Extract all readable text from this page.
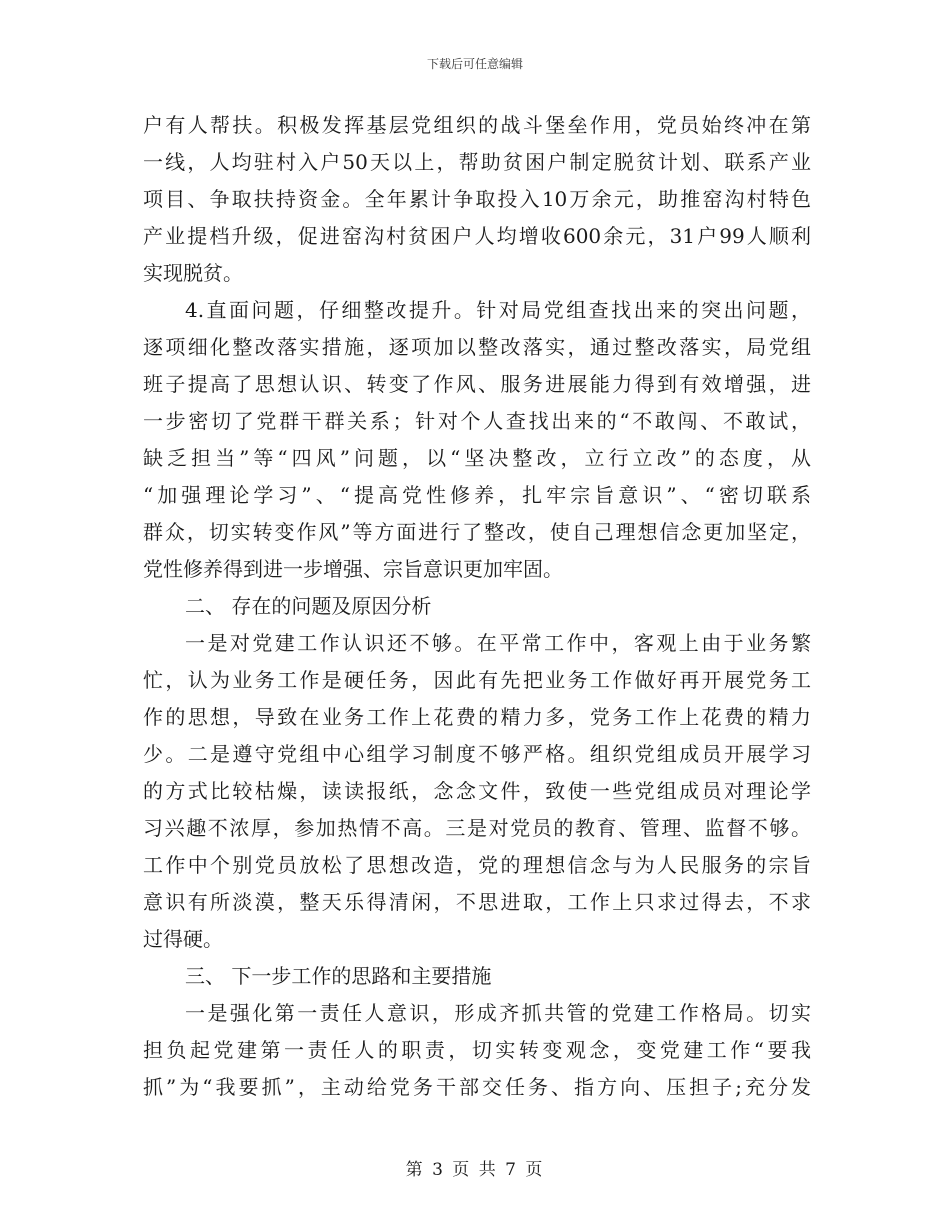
下载后可任意编辑
户有人帮扶。积极发挥基层党组织的战斗堡垒作用，党员始终冲在第
一线，人均驻村入户50天以上，帮助贫困户制定脱贫计划、联系产业
项目、争取扶持资金。全年累计争取投入10万余元，助推窑沟村特色
产业提档升级，促进窑沟村贫困户人均增收600余元，31户99人顺利
实现脱贫。
4.直面问题，仔细整改提升。针对局党组查找出来的突出问题，
逐项细化整改落实措施，逐项加以整改落实，通过整改落实，局党组
班子提高了思想认识、转变了作风、服务进展能力得到有效增强，进
一步密切了党群干群关系；针对个人查找出来的“不敢闯、不敢试，
缺乏担当”等“四风”问题，以“坚决整改，立行立改”的态度，从
“加强理论学习”、“提高党性修养，扎牢宗旨意识”、“密切联系
群众，切实转变作风”等方面进行了整改，使自己理想信念更加坚定，
党性修养得到进一步增强、宗旨意识更加牢固。
二、 存在的问题及原因分析
一是对党建工作认识还不够。在平常工作中，客观上由于业务繁
忙，认为业务工作是硬任务，因此有先把业务工作做好再开展党务工
作的思想，导致在业务工作上花费的精力多，党务工作上花费的精力
少。二是遵守党组中心组学习制度不够严格。组织党组成员开展学习
的方式比较枯燥，读读报纸，念念文件，致使一些党组成员对理论学
习兴趣不浓厚，参加热情不高。三是对党员的教育、管理、监督不够。
工作中个别党员放松了思想改造，党的理想信念与为人民服务的宗旨
意识有所淡漠，整天乐得清闲，不思进取，工作上只求过得去，不求
过得硬。
三、 下一步工作的思路和主要措施
一是强化第一责任人意识，形成齐抓共管的党建工作格局。切实
担负起党建第一责任人的职责，切实转变观念，变党建工作“要我
抓”为“我要抓”，主动给党务干部交任务、指方向、压担子;充分发
第 3 页 共 7 页
